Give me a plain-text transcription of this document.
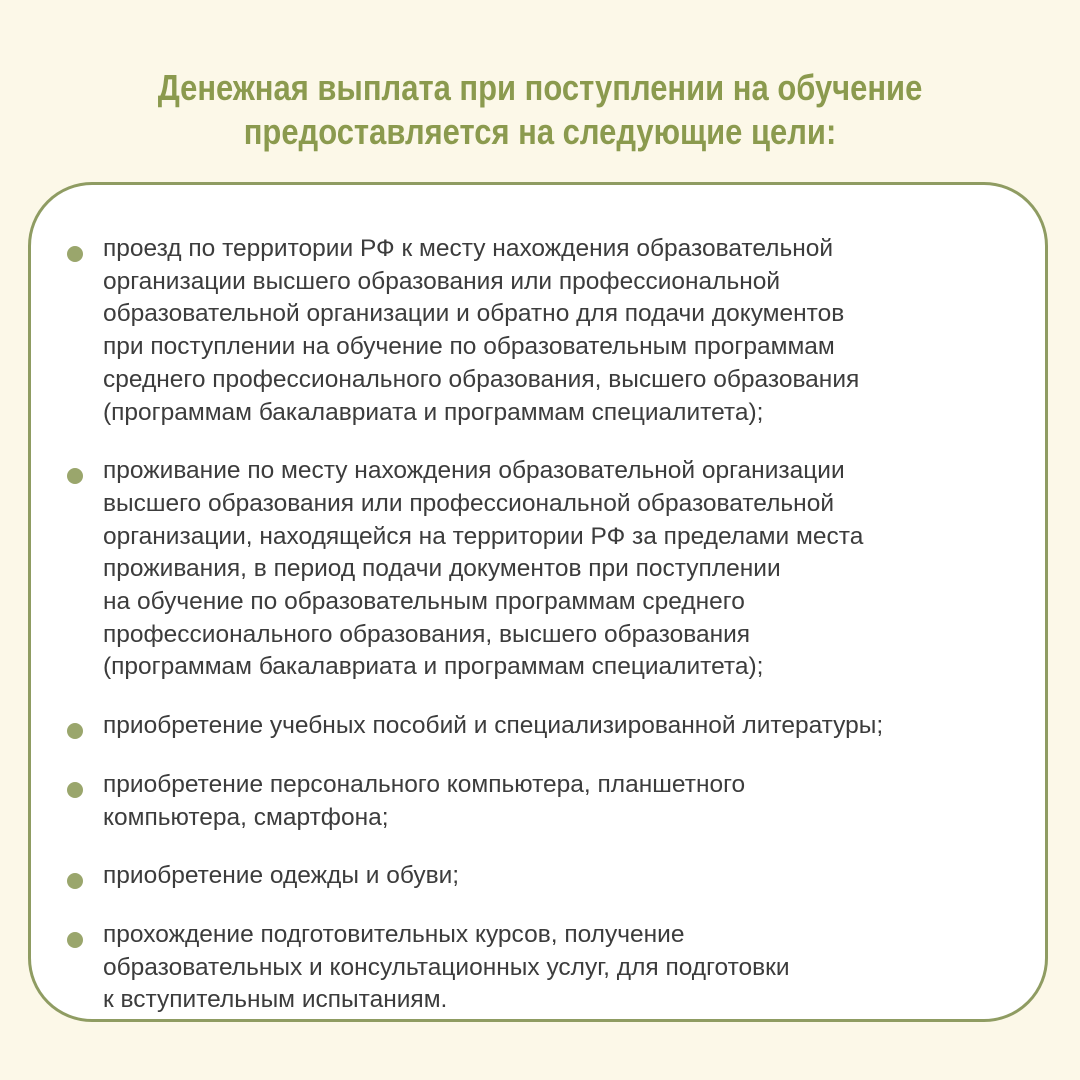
Денежная выплата при поступлении на обучение
предоставляется на следующие цели:
проезд по территории РФ к месту нахождения образовательной
организации высшего образования или профессиональной
образовательной организации и обратно для подачи документов
при поступлении на обучение по образовательным программам
среднего профессионального образования, высшего образования
(программам бакалавриата и программам специалитета);
проживание по месту нахождения образовательной организации
высшего образования или профессиональной образовательной
организации, находящейся на территории РФ за пределами места
проживания, в период подачи документов при поступлении
на обучение по образовательным программам среднего
профессионального образования, высшего образования
(программам бакалавриата и программам специалитета);
приобретение учебных пособий и специализированной литературы;
приобретение персонального компьютера, планшетного
компьютера, смартфона;
приобретение одежды и обуви;
прохождение подготовительных курсов, получение
образовательных и консультационных услуг, для подготовки
к вступительным испытаниям.
